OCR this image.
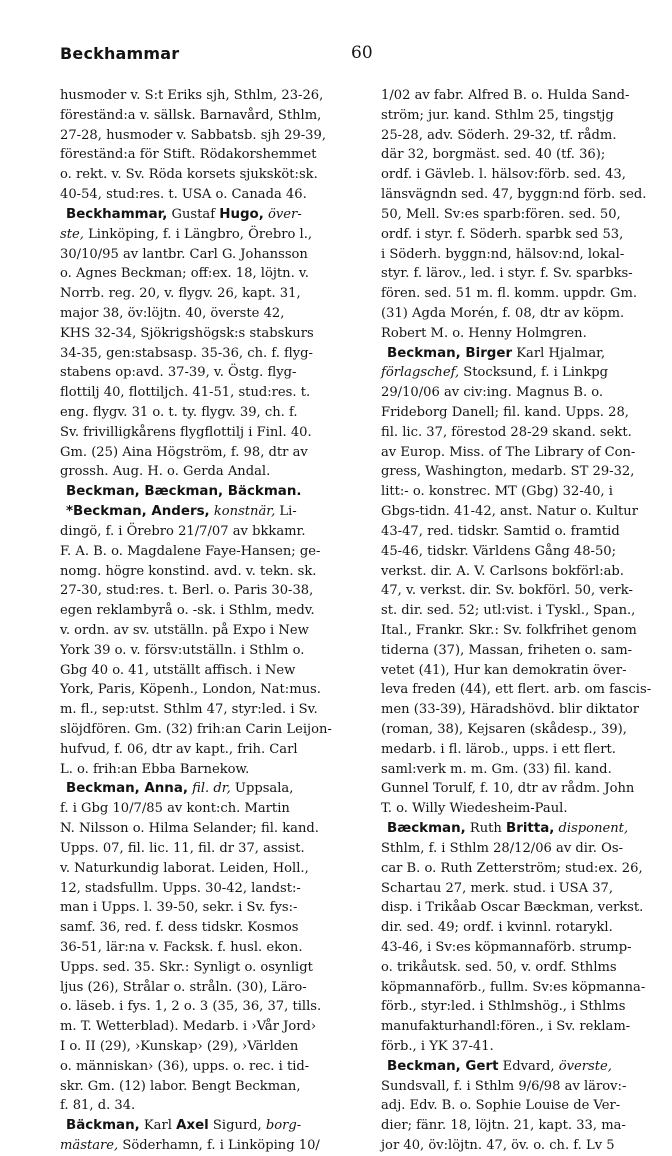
Beckhammar	60
husmoder v. S:t Eriks sjh, Sthlm, 23-26,
föreständ:a v. sällsk. Barnavård, Sthlm,
27-28, husmoder v. Sabbatsb. sjh 29-39,
föreständ:a för Stift. Rödakorshemmet
o. rekt. v. Sv. Röda korsets sjuksköt:sk.
40-54, stud:res. t. USA o. Canada 46.
Beckhammar, Gustaf Hugo, över-
ste, Linköping, f. i Längbro, Örebro l.,
30/10/95 av lantbr. Carl G. Johansson
o. Agnes Beckman; off:ex. 18, löjtn. v.
Norrb. reg. 20, v. flygv. 26, kapt. 31,
major 38, öv:löjtn. 40, överste 42,
KHS 32-34, Sjökrigshögsk:s stabskurs
34-35, gen:stabsasp. 35-36, ch. f. flyg-
stabens op:avd. 37-39, v. Östg. flyg-
flottilj 40, flottiljch. 41-51, stud:res. t.
eng. flygv. 31 o. t. ty. flygv. 39, ch. f.
Sv. frivilligkårens flygflottilj i Finl. 40.
Gm. (25) Aina Högström, f. 98, dtr av
grossh. Aug. H. o. Gerda Andal.
Beckman, Bæckman, Bäckman.
*Beckman, Anders, konstnär, Li-
dingö, f. i Örebro 21/7/07 av bkkamr.
F. A. B. o. Magdalene Faye-Hansen; ge-
nomg. högre konstind. avd. v. tekn. sk.
27-30, stud:res. t. Berl. o. Paris 30-38,
egen reklambyrå o. -sk. i Sthlm, medv.
v. ordn. av sv. utställn. på Expo i New
York 39 o. v. försv:utställn. i Sthlm o.
Gbg 40 o. 41, utställt affisch. i New
York, Paris, Köpenh., London, Nat:mus.
m. fl., sep:utst. Sthlm 47, styr:led. i Sv.
slöjdfören. Gm. (32) frih:an Carin Leijon-
hufvud, f. 06, dtr av kapt., frih. Carl
L. o. frih:an Ebba Barnekow.
Beckman, Anna, fil. dr, Uppsala,
f. i Gbg 10/7/85 av kont:ch. Martin
N. Nilsson o. Hilma Selander; fil. kand.
Upps. 07, fil. lic. 11, fil. dr 37, assist.
v. Naturkundig laborat. Leiden, Holl.,
12, stadsfullm. Upps. 30-42, landst:-
man i Upps. l. 39-50, sekr. i Sv. fys:-
samf. 36, red. f. dess tidskr. Kosmos
36-51, lär:na v. Facksk. f. husl. ekon.
Upps. sed. 35. Skr.: Synligt o. osynligt
ljus (26), Strålar o. stråln. (30), Läro-
o. läseb. i fys. 1, 2 o. 3 (35, 36, 37, tills.
m. T. Wetterblad). Medarb. i ›Vår Jord›
I o. II (29), ›Kunskap› (29), ›Världen
o. människan› (36), upps. o. rec. i tid-
skr. Gm. (12) labor. Bengt Beckman,
f. 81, d. 34.
Bäckman, Karl Axel Sigurd, borg-
mästare, Söderhamn, f. i Linköping 10/
1/02 av fabr. Alfred B. o. Hulda Sand-
ström; jur. kand. Sthlm 25, tingstjg
25-28, adv. Söderh. 29-32, tf. rådm.
där 32, borgmäst. sed. 40 (tf. 36);
ordf. i Gävleb. l. hälsov:förb. sed. 43,
länsvägndn sed. 47, byggn:nd förb. sed.
50, Mell. Sv:es sparb:fören. sed. 50,
ordf. i styr. f. Söderh. sparbk sed 53,
i Söderh. byggn:nd, hälsov:nd, lokal-
styr. f. lärov., led. i styr. f. Sv. sparbks-
fören. sed. 51 m. fl. komm. uppdr. Gm.
(31) Agda Morén, f. 08, dtr av köpm.
Robert M. o. Henny Holmgren.
Beckman, Birger Karl Hjalmar,
förlagschef, Stocksund, f. i Linkpg
29/10/06 av civ:ing. Magnus B. o.
Frideborg Danell; fil. kand. Upps. 28,
fil. lic. 37, förestod 28-29 skand. sekt.
av Europ. Miss. of The Library of Con-
gress, Washington, medarb. ST 29-32,
litt:- o. konstrec. MT (Gbg) 32-40, i
Gbgs-tidn. 41-42, anst. Natur o. Kultur
43-47, red. tidskr. Samtid o. framtid
45-46, tidskr. Världens Gång 48-50;
verkst. dir. A. V. Carlsons bokförl:ab.
47, v. verkst. dir. Sv. bokförl. 50, verk-
st. dir. sed. 52; utl:vist. i Tyskl., Span.,
Ital., Frankr. Skr.: Sv. folkfrihet genom
tiderna (37), Massan, friheten o. sam-
vetet (41), Hur kan demokratin över-
leva freden (44), ett flert. arb. om fascis-
men (33-39), Häradshövd. blir diktator
(roman, 38), Kejsaren (skådesp., 39),
medarb. i fl. lärob., upps. i ett flert.
saml:verk m. m. Gm. (33) fil. kand.
Gunnel Torulf, f. 10, dtr av rådm. John
T. o. Willy Wiedesheim-Paul.
Bæckman, Ruth Britta, disponent,
Sthlm, f. i Sthlm 28/12/06 av dir. Os-
car B. o. Ruth Zetterström; stud:ex. 26,
Schartau 27, merk. stud. i USA 37,
disp. i Trikåab Oscar Bæckman, verkst.
dir. sed. 49; ordf. i kvinnl. rotarykl.
43-46, i Sv:es köpmannaförb. strump-
o. trikåutsk. sed. 50, v. ordf. Sthlms
köpmannaförb., fullm. Sv:es köpmanna-
förb., styr:led. i Sthlmshög., i Sthlms
manufakturhandl:fören., i Sv. reklam-
förb., i YK 37-41.
Beckman, Gert Edvard, överste,
Sundsvall, f. i Sthlm 9/6/98 av lärov:-
adj. Edv. B. o. Sophie Louise de Ver-
dier; fänr. 18, löjtn. 21, kapt. 33, ma-
jor 40, öv:löjtn. 47, öv. o. ch. f. Lv 5
